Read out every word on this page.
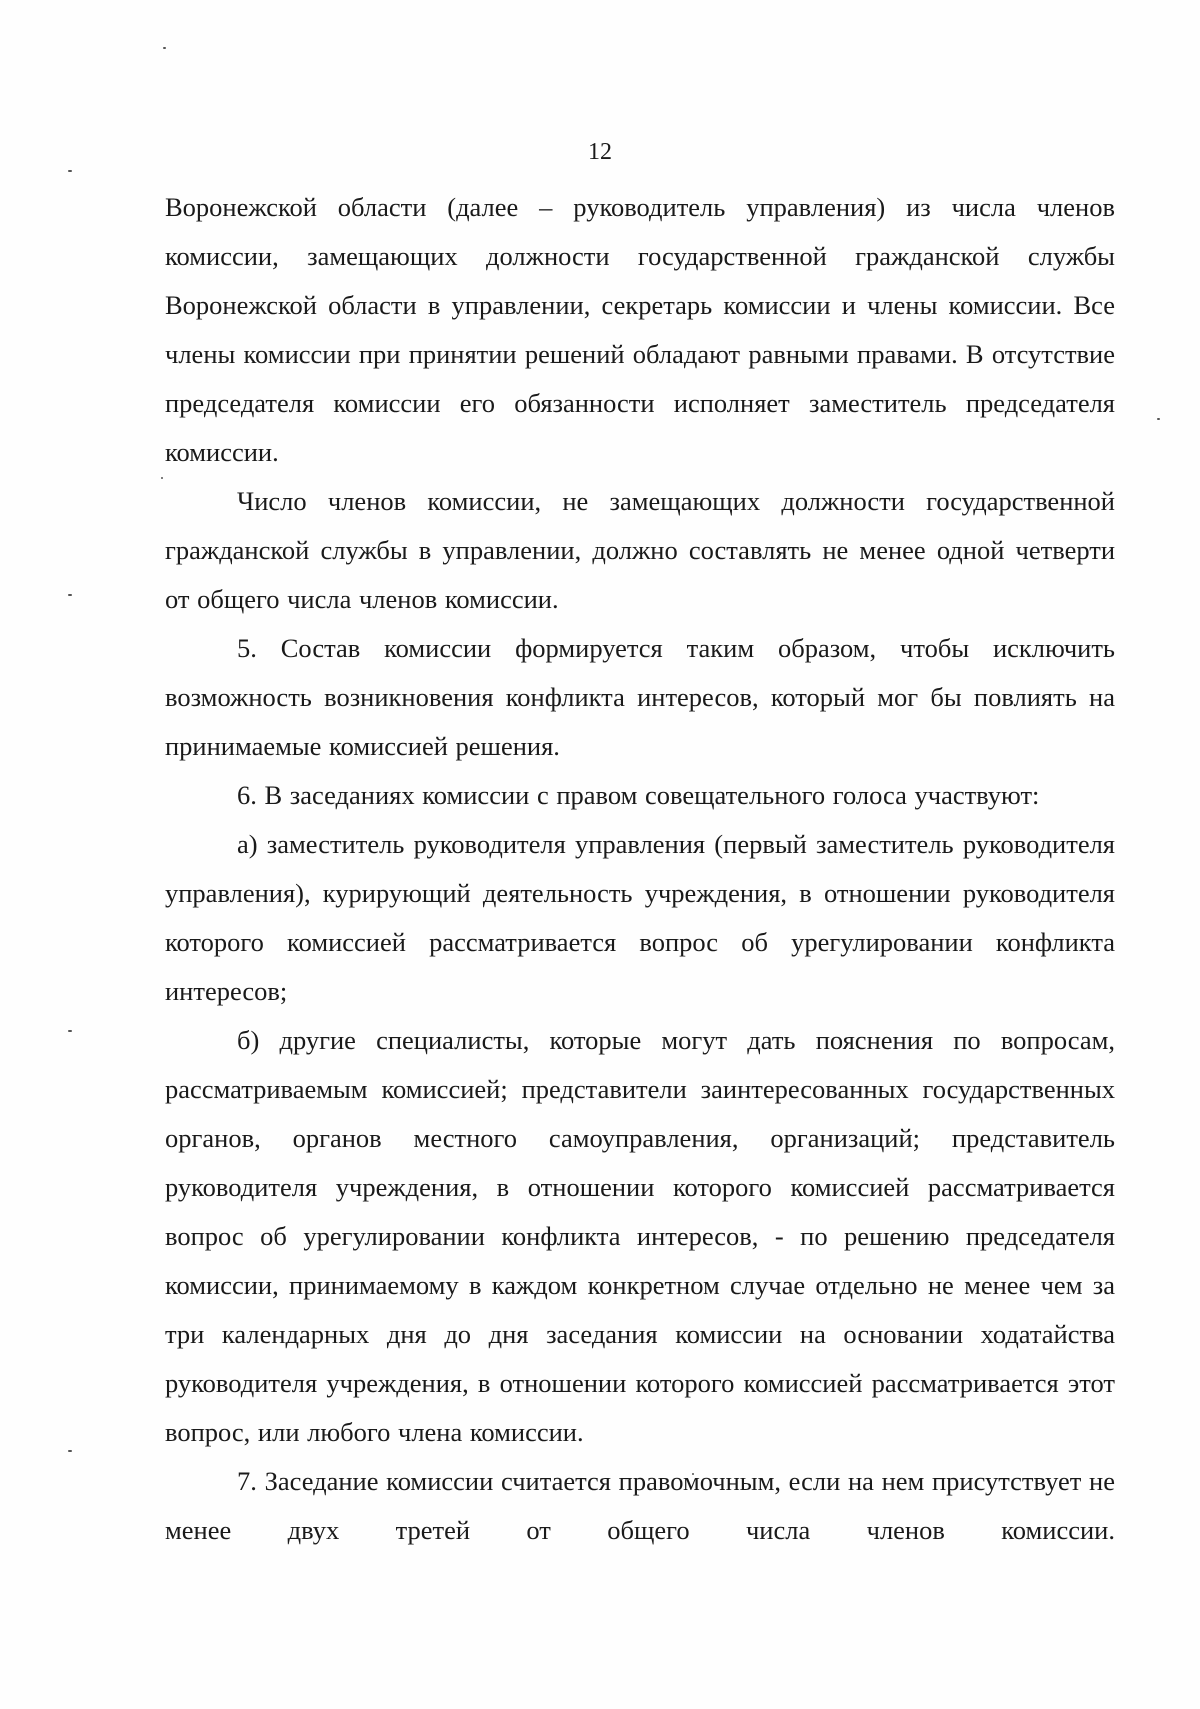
12

Воронежской области (далее – руководитель управления) из числа членов комиссии, замещающих должности государственной гражданской службы Воронежской области в управлении, секретарь комиссии и члены комиссии. Все члены комиссии при принятии решений обладают равными правами. В отсутствие председателя комиссии его обязанности исполняет заместитель председателя комиссии.

Число членов комиссии, не замещающих должности государственной гражданской службы в управлении, должно составлять не менее одной четверти от общего числа членов комиссии.

5. Состав комиссии формируется таким образом, чтобы исключить возможность возникновения конфликта интересов, который мог бы повлиять на принимаемые комиссией решения.

6. В заседаниях комиссии с правом совещательного голоса участвуют:

а) заместитель руководителя управления (первый заместитель руководителя управления), курирующий деятельность учреждения, в отношении руководителя которого комиссией рассматривается вопрос об урегулировании конфликта интересов;

б) другие специалисты, которые могут дать пояснения по вопросам, рассматриваемым комиссией; представители заинтересованных государственных органов, органов местного самоуправления, организаций; представитель руководителя учреждения, в отношении которого комиссией рассматривается вопрос об урегулировании конфликта интересов, - по решению председателя комиссии, принимаемому в каждом конкретном случае отдельно не менее чем за три календарных дня до дня заседания комиссии на основании ходатайства руководителя учреждения, в отношении которого комиссией рассматривается этот вопрос, или любого члена комиссии.

7. Заседание комиссии считается правомочным, если на нем присутствует не менее двух третей от общего числа членов комиссии.
